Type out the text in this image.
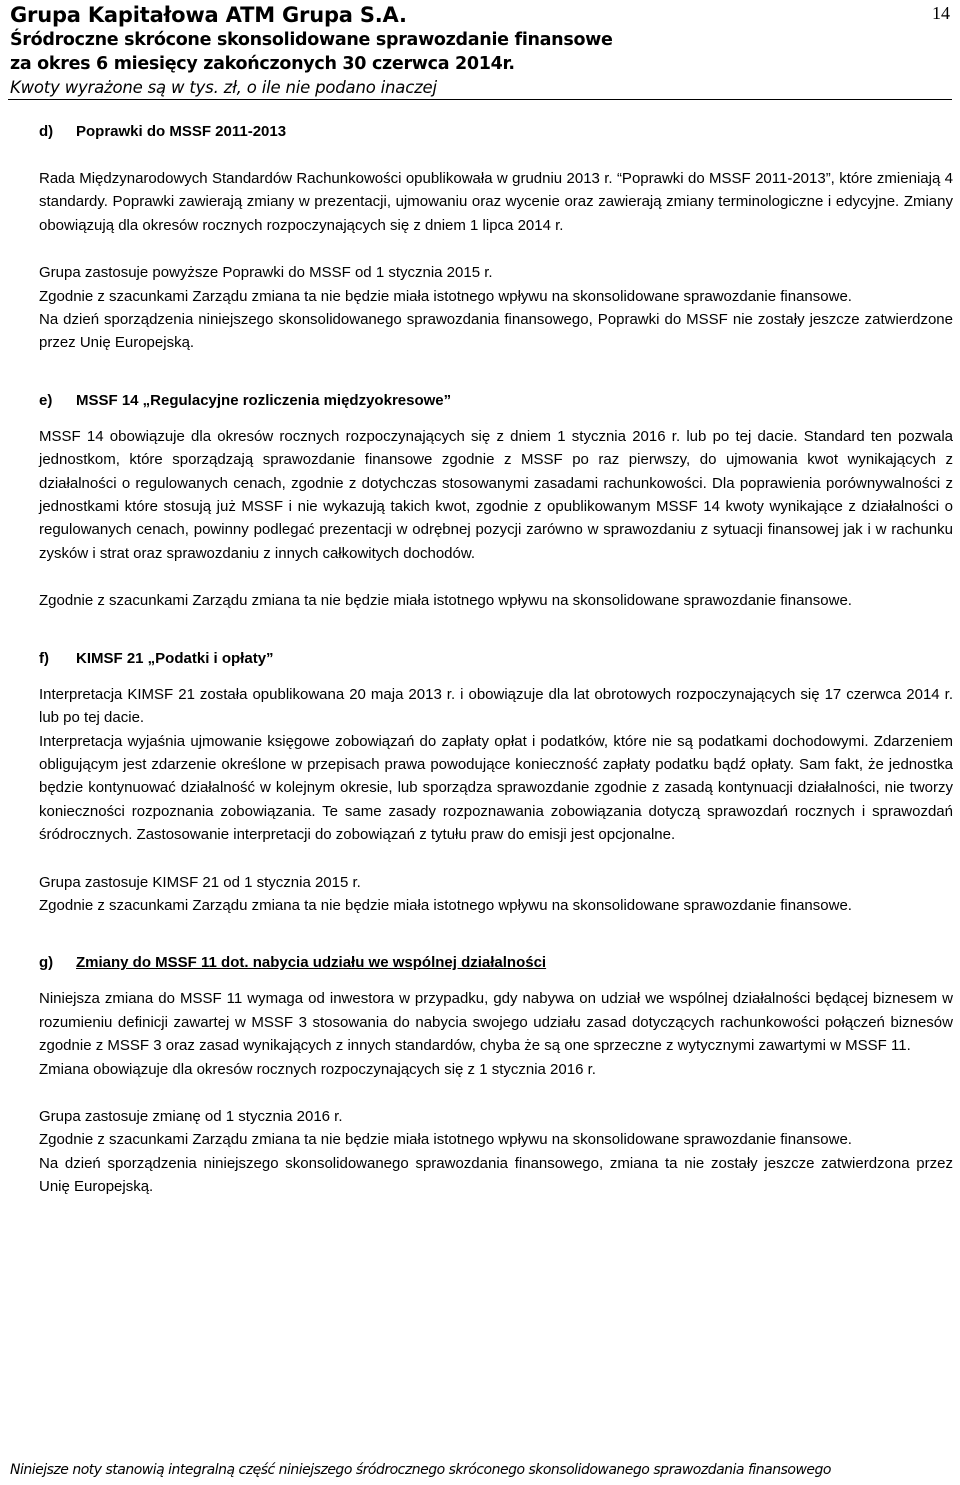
Grupa Kapitałowa ATM Grupa S.A.
Śródroczne skrócone skonsolidowane sprawozdanie finansowe
za okres 6 miesięcy zakończonych 30 czerwca 2014r.
Kwoty wyrażone są w tys. zł, o ile nie podano inaczej
14
d)	Poprawki do MSSF 2011-2013

Rada Międzynarodowych Standardów Rachunkowości opublikowała w grudniu 2013 r. “Poprawki do MSSF 2011-2013”, które zmieniają 4 standardy. Poprawki zawierają zmiany w prezentacji, ujmowaniu oraz wycenie oraz zawierają zmiany terminologiczne i edycyjne. Zmiany obowiązują dla okresów rocznych rozpoczynających się z dniem 1 lipca 2014 r.

Grupa zastosuje powyższe Poprawki do MSSF od 1 stycznia 2015 r.

Zgodnie z szacunkami Zarządu zmiana ta nie będzie miała istotnego wpływu na skonsolidowane sprawozdanie finansowe.

Na dzień sporządzenia niniejszego skonsolidowanego sprawozdania finansowego, Poprawki do MSSF nie zostały jeszcze zatwierdzone przez Unię Europejską.

e)	MSSF 14 „Regulacyjne rozliczenia międzyokresowe”

MSSF 14 obowiązuje dla okresów rocznych rozpoczynających się z dniem 1 stycznia 2016 r. lub po tej dacie. Standard ten pozwala jednostkom, które sporządzają sprawozdanie finansowe zgodnie z MSSF po raz pierwszy, do ujmowania kwot wynikających z działalności o regulowanych cenach, zgodnie z dotychczas stosowanymi zasadami rachunkowości. Dla poprawienia porównywalności z jednostkami które stosują już MSSF i nie wykazują takich kwot, zgodnie z opublikowanym MSSF 14 kwoty wynikające z działalności o regulowanych cenach, powinny podlegać prezentacji w odrębnej pozycji zarówno w sprawozdaniu z sytuacji finansowej jak i w rachunku zysków i strat oraz sprawozdaniu z innych całkowitych dochodów.

Zgodnie z szacunkami Zarządu zmiana ta nie będzie miała istotnego wpływu na skonsolidowane sprawozdanie finansowe.

f)	KIMSF 21 „Podatki i opłaty”

Interpretacja KIMSF 21 została opublikowana 20 maja 2013 r. i obowiązuje dla lat obrotowych rozpoczynających się 17 czerwca 2014 r. lub po tej dacie.

Interpretacja wyjaśnia ujmowanie księgowe zobowiązań do zapłaty opłat i podatków, które nie są podatkami dochodowymi. Zdarzeniem obligującym jest zdarzenie określone w przepisach prawa powodujące konieczność zapłaty podatku bądź opłaty. Sam fakt, że jednostka będzie kontynuować działalność w kolejnym okresie, lub sporządza sprawozdanie zgodnie z zasadą kontynuacji działalności, nie tworzy konieczności rozpoznania zobowiązania. Te same zasady rozpoznawania zobowiązania dotyczą sprawozdań rocznych i sprawozdań śródrocznych. Zastosowanie interpretacji do zobowiązań z tytułu praw do emisji jest opcjonalne.

Grupa zastosuje KIMSF 21 od 1 stycznia 2015 r.

Zgodnie z szacunkami Zarządu zmiana ta nie będzie miała istotnego wpływu na skonsolidowane sprawozdanie finansowe.

g)	Zmiany do MSSF 11 dot. nabycia udziału we wspólnej działalności

Niniejsza zmiana do MSSF 11 wymaga od inwestora w przypadku, gdy nabywa on udział we wspólnej działalności będącej biznesem w rozumieniu definicji zawartej w MSSF 3 stosowania do nabycia swojego udziału zasad dotyczących rachunkowości połączeń biznesów zgodnie z MSSF 3 oraz zasad wynikających z innych standardów, chyba że są one sprzeczne z wytycznymi zawartymi w MSSF 11.

Zmiana obowiązuje dla okresów rocznych rozpoczynających się z 1 stycznia 2016 r.

Grupa zastosuje zmianę od 1 stycznia 2016 r.

Zgodnie z szacunkami Zarządu zmiana ta nie będzie miała istotnego wpływu na skonsolidowane sprawozdanie finansowe.

Na dzień sporządzenia niniejszego skonsolidowanego sprawozdania finansowego, zmiana ta nie zostały jeszcze zatwierdzona przez Unię Europejską.

Niniejsze noty stanowią integralną część niniejszego śródrocznego skróconego skonsolidowanego sprawozdania finansowego
